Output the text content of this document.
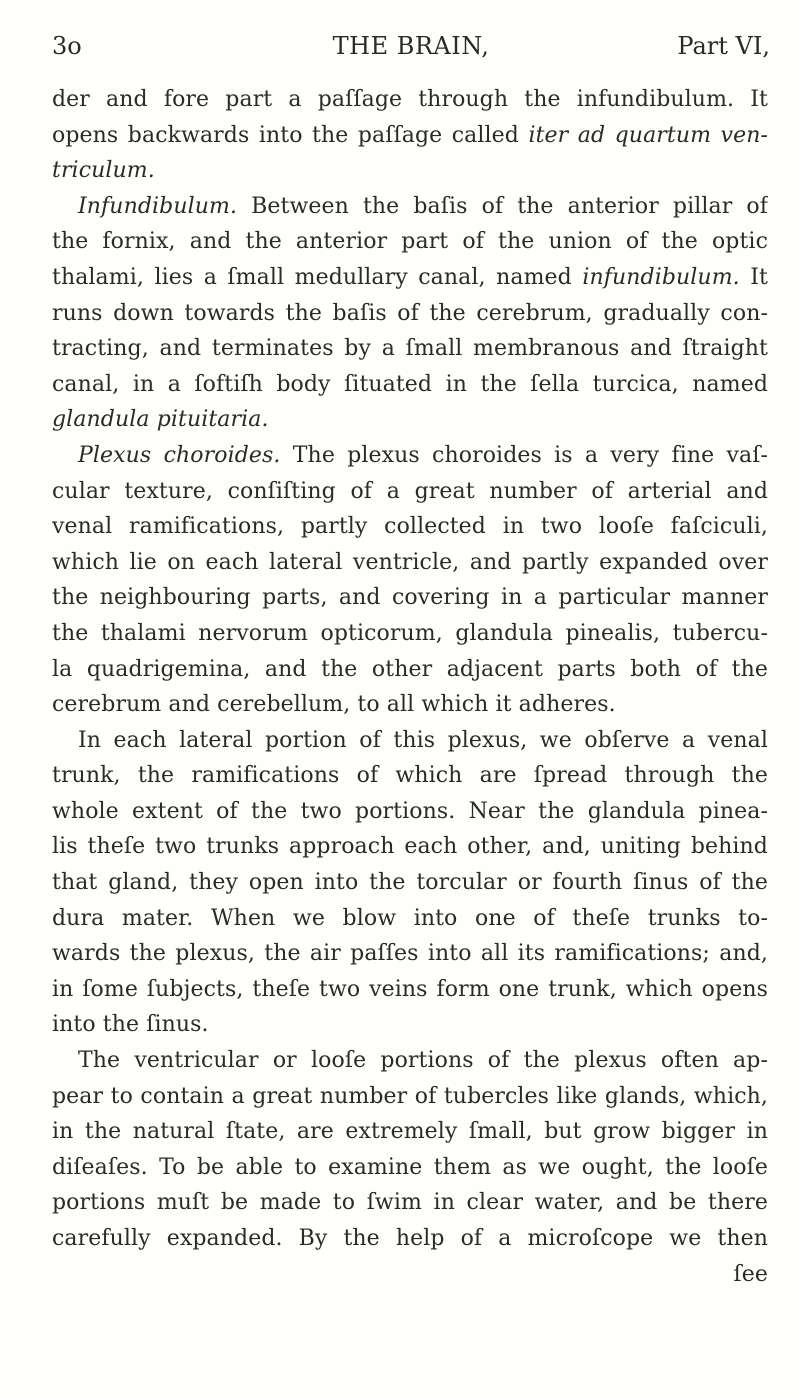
3o	THE BRAIN,	Part VI,
der and fore part a paſſage through the infundibulum. It
opens backwards into the paſſage called iter ad quartum ven-
triculum.
Infundibulum. Between the baſis of the anterior pillar of
the fornix, and the anterior part of the union of the optic
thalami, lies a ſmall medullary canal, named infundibulum. It
runs down towards the baſis of the cerebrum, gradually con-
tracting, and terminates by a ſmall membranous and ſtraight
canal, in a ſoftiſh body ſituated in the ſella turcica, named
glandula pituitaria.
Plexus choroides. The plexus choroides is a very fine vaſ-
cular texture, conſiſting of a great number of arterial and
venal ramifications, partly collected in two looſe faſciculi,
which lie on each lateral ventricle, and partly expanded over
the neighbouring parts, and covering in a particular manner
the thalami nervorum opticorum, glandula pinealis, tubercu-
la quadrigemina, and the other adjacent parts both of the
cerebrum and cerebellum, to all which it adheres.
In each lateral portion of this plexus, we obſerve a venal
trunk, the ramifications of which are ſpread through the
whole extent of the two portions. Near the glandula pinea-
lis theſe two trunks approach each other, and, uniting behind
that gland, they open into the torcular or fourth ſinus of the
dura mater. When we blow into one of theſe trunks to-
wards the plexus, the air paſſes into all its ramifications; and,
in ſome ſubjects, theſe two veins form one trunk, which opens
into the ſinus.
The ventricular or looſe portions of the plexus often ap-
pear to contain a great number of tubercles like glands, which,
in the natural ſtate, are extremely ſmall, but grow bigger in
diſeaſes. To be able to examine them as we ought, the looſe
portions muſt be made to ſwim in clear water, and be there
carefully expanded. By the help of a microſcope we then
ſee
